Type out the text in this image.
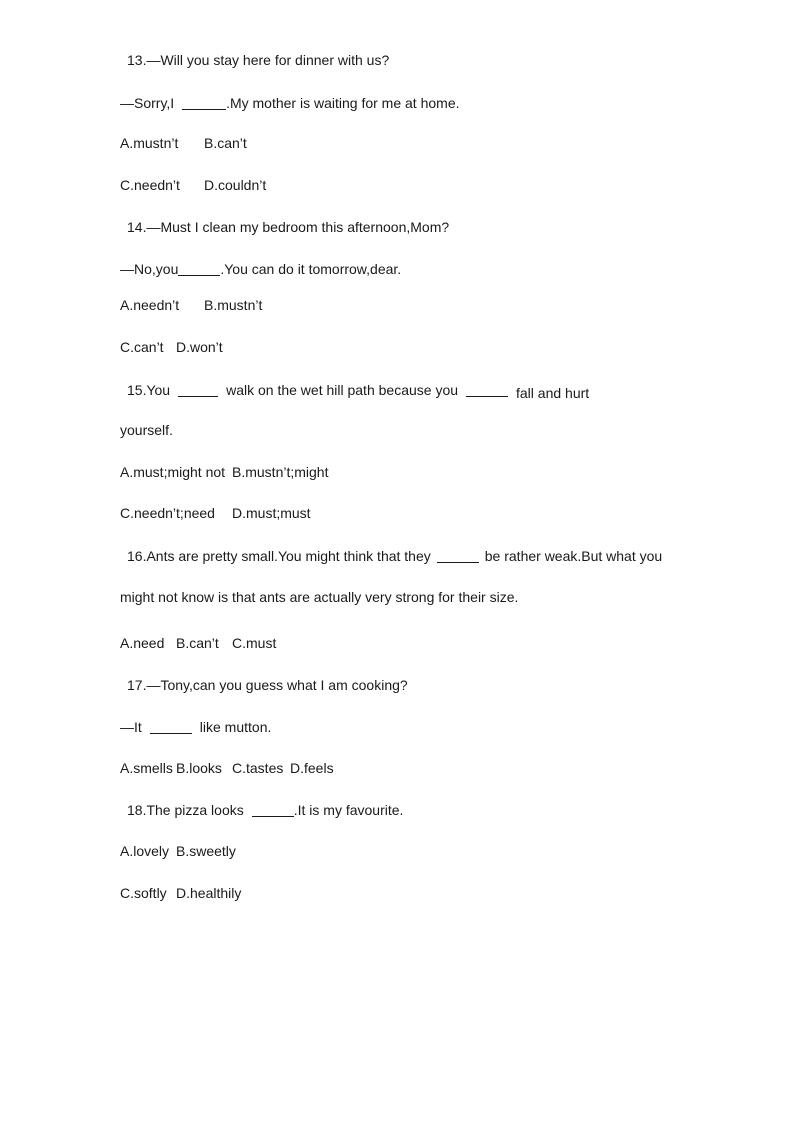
13.—Will you stay here for dinner with us?
—Sorry,I	.My mother is waiting for me at home.
A.mustn’t B.can’t
C.needn’t D.couldn’t
14.—Must I clean my bedroom this afternoon,Mom?
—No,you	.You can do it tomorrow,dear.
A.needn’t B.mustn’t
C.can’t D.won’t
15.You	walk on the wet hill path because you	fall and hurt
yourself.
A.must;might not B.mustn’t;might
C.needn’t;need D.must;must
16.Ants are pretty small.You might think that they	be rather weak.But what you
might not know is that ants are actually very strong for their size.
A.need B.can’t C.must
17.—Tony,can you guess what I am cooking?
—It	like mutton.
A.smells B.looks C.tastes D.feels
18.The pizza looks	.It is my favourite.
A.lovely B.sweetly
C.softly D.healthily
